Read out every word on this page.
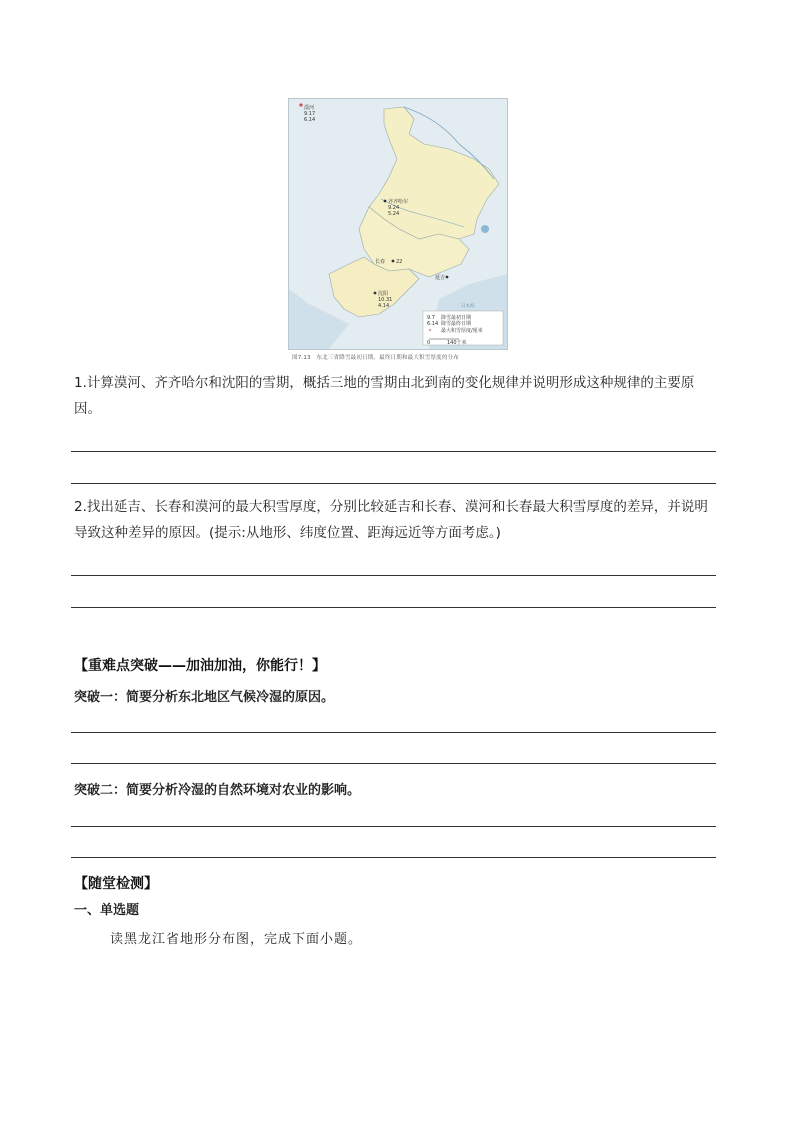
漠河
9.17
6.14
齐齐哈尔
9.24
5.24
长春 22
延吉
沈阳
10.31
4.14	日本海
9.7 降雪最初日期
6.14 降雪最终日期
最大积雪厚度/厘米
0	140千米
图7.13　东北三省降雪最初日期、最终日期和最大积雪厚度的分布
1.计算漠河、齐齐哈尔和沈阳的雪期，概括三地的雪期由北到南的变化规律并说明形成这种规律的主要原因。
2.找出延吉、长春和漠河的最大积雪厚度，分别比较延吉和长春、漠河和长春最大积雪厚度的差异，并说明导致这种差异的原因。(提示:从地形、纬度位置、距海远近等方面考虑。)
【重难点突破——加油加油，你能行！】
突破一：简要分析东北地区气候冷湿的原因。
突破二：简要分析冷湿的自然环境对农业的影响。
【随堂检测】
一、单选题
读黑龙江省地形分布图，完成下面小题。
